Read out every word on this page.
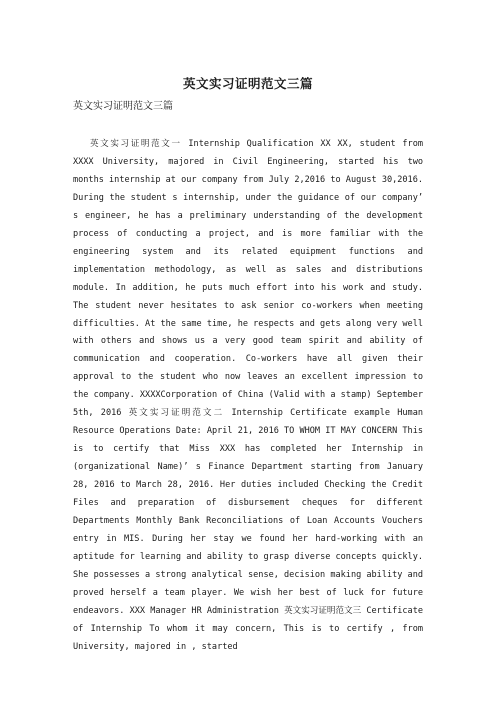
英文实习证明范文三篇
英文实习证明范文三篇

英文实习证明范文一 Internship Qualification XX XX, student from XXXX University, majored in Civil Engineering, started his two months internship at our company from July 2,2016 to August 30,2016. During the student s internship, under the guidance of our company’ s engineer, he has a preliminary understanding of the development process of conducting a project, and is more familiar with the engineering system and its related equipment functions and implementation methodology, as well as sales and distributions module. In addition, he puts much effort into his work and study. The student never hesitates to ask senior co-workers when meeting difficulties. At the same time, he respects and gets along very well with others and shows us a very good team spirit and ability of communication and cooperation. Co-workers have all given their approval to the student who now leaves an excellent impression to the company. XXXXCorporation of China (Valid with a stamp) September 5th, 2016 英文实习证明范文二 Internship Certificate example Human Resource Operations Date: April 21, 2016 TO WHOM IT MAY CONCERN This is to certify that Miss XXX has completed her Internship in (organizational Name)’ s Finance Department starting from January 28, 2016 to March 28, 2016. Her duties included Checking the Credit Files and preparation of disbursement cheques for different Departments Monthly Bank Reconciliations of Loan Accounts Vouchers entry in MIS. During her stay we found her hard-working with an aptitude for learning and ability to grasp diverse concepts quickly. She possesses a strong analytical sense, decision making ability and proved herself a team player. We wish her best of luck for future endeavors. XXX Manager HR Administration 英文实习证明范文三 Certificate of Internship To whom it may concern, This is to certify , from University, majored in , started
